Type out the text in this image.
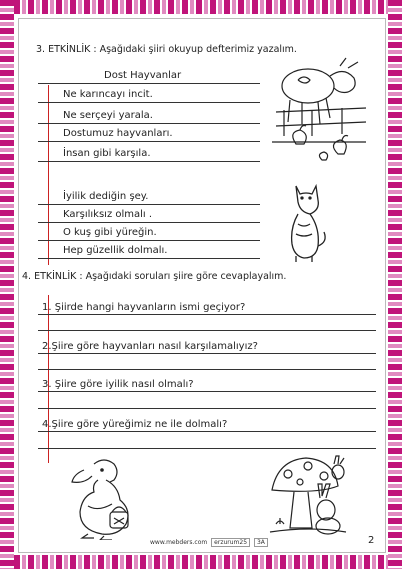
3. ETKİNLİK : Aşağıdaki şiiri okuyup defterimiz yazalım.
Dost Hayvanlar
Ne karıncayı incit.
Ne serçeyi yarala.
Dostumuz hayvanları.
İnsan gibi karşıla.
İyilik dediğin şey.
Karşılıksız olmalı .
O kuş gibi yüreğin.
Hep güzellik dolmalı.
4. ETKİNLİK : Aşağıdaki soruları şiire göre cevaplayalım.
1. Şiirde hangi hayvanların ismi geçiyor?
2.Şiire göre hayvanları nasıl karşılamalıyız?
3. Şiire göre iyilik nasıl olmalı?
4.Şiire göre yüreğimiz ne ile dolmalı?
www.mebders.com erzurum25 3A	2
